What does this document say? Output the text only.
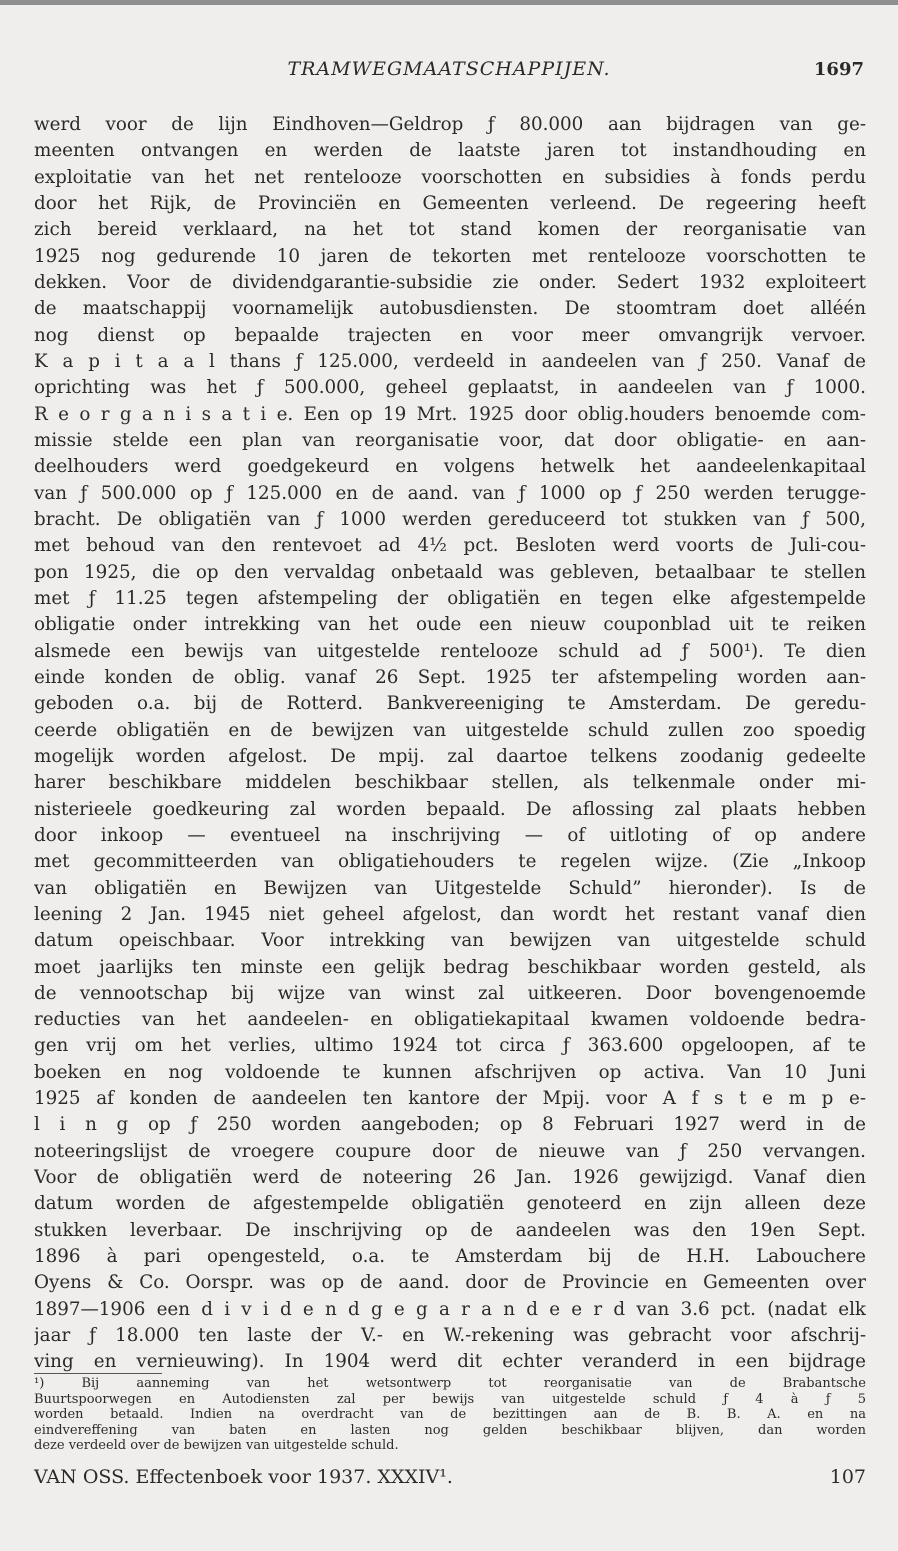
TRAMWEGMAATSCHAPPIJEN.	1697
werd voor de lijn Eindhoven—Geldrop ƒ 80.000 aan bijdragen van ge-
meenten ontvangen en werden de laatste jaren tot instandhouding en
exploitatie van het net rentelooze voorschotten en subsidies à fonds perdu
door het Rijk, de Provinciën en Gemeenten verleend. De regeering heeft
zich bereid verklaard, na het tot stand komen der reorganisatie van
1925 nog gedurende 10 jaren de tekorten met rentelooze voorschotten te
dekken. Voor de dividendgarantie-subsidie zie onder. Sedert 1932 exploiteert
de maatschappij voornamelijk autobusdiensten. De stoomtram doet alléén
nog dienst op bepaalde trajecten en voor meer omvangrijk vervoer.
K a p i t a a l thans ƒ 125.000, verdeeld in aandeelen van ƒ 250. Vanaf de
oprichting was het ƒ 500.000, geheel geplaatst, in aandeelen van ƒ 1000.
R e o r g a n i s a t i e. Een op 19 Mrt. 1925 door oblig.houders benoemde com-
missie stelde een plan van reorganisatie voor, dat door obligatie- en aan-
deelhouders werd goedgekeurd en volgens hetwelk het aandeelenkapitaal
van ƒ 500.000 op ƒ 125.000 en de aand. van ƒ 1000 op ƒ 250 werden terugge-
bracht. De obligatiën van ƒ 1000 werden gereduceerd tot stukken van ƒ 500,
met behoud van den rentevoet ad 4½ pct. Besloten werd voorts de Juli-cou-
pon 1925, die op den vervaldag onbetaald was gebleven, betaalbaar te stellen
met ƒ 11.25 tegen afstempeling der obligatiën en tegen elke afgestempelde
obligatie onder intrekking van het oude een nieuw couponblad uit te reiken
alsmede een bewijs van uitgestelde rentelooze schuld ad ƒ 500¹). Te dien
einde konden de oblig. vanaf 26 Sept. 1925 ter afstempeling worden aan-
geboden o.a. bij de Rotterd. Bankvereeniging te Amsterdam. De geredu-
ceerde obligatiën en de bewijzen van uitgestelde schuld zullen zoo spoedig
mogelijk worden afgelost. De mpij. zal daartoe telkens zoodanig gedeelte
harer beschikbare middelen beschikbaar stellen, als telkenmale onder mi-
nisterieele goedkeuring zal worden bepaald. De aflossing zal plaats hebben
door inkoop — eventueel na inschrijving — of uitloting of op andere
met gecommitteerden van obligatiehouders te regelen wijze. (Zie „Inkoop
van obligatiën en Bewijzen van Uitgestelde Schuld” hieronder). Is de
leening 2 Jan. 1945 niet geheel afgelost, dan wordt het restant vanaf dien
datum opeischbaar. Voor intrekking van bewijzen van uitgestelde schuld
moet jaarlijks ten minste een gelijk bedrag beschikbaar worden gesteld, als
de vennootschap bij wijze van winst zal uitkeeren. Door bovengenoemde
reducties van het aandeelen- en obligatiekapitaal kwamen voldoende bedra-
gen vrij om het verlies, ultimo 1924 tot circa ƒ 363.600 opgeloopen, af te
boeken en nog voldoende te kunnen afschrijven op activa. Van 10 Juni
1925 af konden de aandeelen ten kantore der Mpij. voor A f s t e m p e-
l i n g op ƒ 250 worden aangeboden; op 8 Februari 1927 werd in de
noteeringslijst de vroegere coupure door de nieuwe van ƒ 250 vervangen.
Voor de obligatiën werd de noteering 26 Jan. 1926 gewijzigd. Vanaf dien
datum worden de afgestempelde obligatiën genoteerd en zijn alleen deze
stukken leverbaar. De inschrijving op de aandeelen was den 19en Sept.
1896 à pari opengesteld, o.a. te Amsterdam bij de H.H. Labouchere
Oyens & Co. Oorspr. was op de aand. door de Provincie en Gemeenten over
1897—1906 een d i v i d e n d g e g a r a n d e e r d van 3.6 pct. (nadat elk
jaar ƒ 18.000 ten laste der V.- en W.-rekening was gebracht voor afschrij-
ving en vernieuwing). In 1904 werd dit echter veranderd in een bijdrage
¹) Bij aanneming van het wetsontwerp tot reorganisatie van de Brabantsche
Buurtspoorwegen en Autodiensten zal per bewijs van uitgestelde schuld ƒ 4 à ƒ 5
worden betaald. Indien na overdracht van de bezittingen aan de B. B. A. en na
eindvereffening van baten en lasten nog gelden beschikbaar blijven, dan worden
deze verdeeld over de bewijzen van uitgestelde schuld.
VAN OSS. Effectenboek voor 1937. XXXIV¹.	107
